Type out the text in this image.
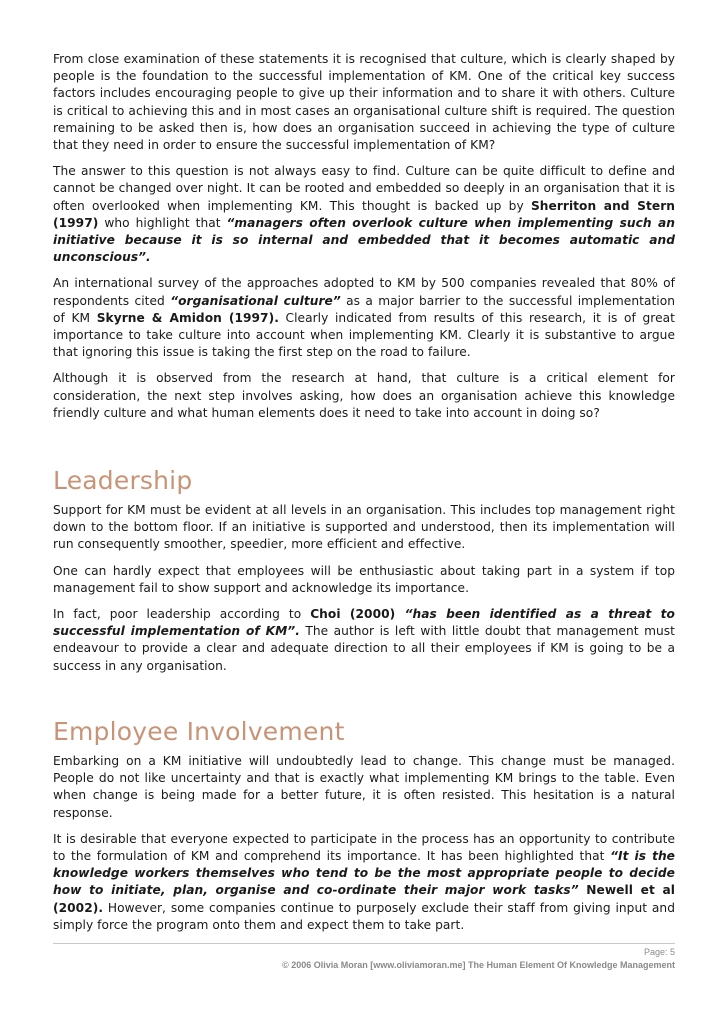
From close examination of these statements it is recognised that culture, which is clearly shaped by people is the foundation to the successful implementation of KM. One of the critical key success factors includes encouraging people to give up their information and to share it with others. Culture is critical to achieving this and in most cases an organisational culture shift is required. The question remaining to be asked then is, how does an organisation succeed in achieving the type of culture that they need in order to ensure the successful implementation of KM?

The answer to this question is not always easy to find. Culture can be quite difficult to define and cannot be changed over night. It can be rooted and embedded so deeply in an organisation that it is often overlooked when implementing KM. This thought is backed up by Sherriton and Stern (1997) who highlight that “managers often overlook culture when implementing such an initiative because it is so internal and embedded that it becomes automatic and unconscious”.

An international survey of the approaches adopted to KM by 500 companies revealed that 80% of respondents cited “organisational culture” as a major barrier to the successful implementation of KM Skyrne & Amidon (1997). Clearly indicated from results of this research, it is of great importance to take culture into account when implementing KM. Clearly it is substantive to argue that ignoring this issue is taking the first step on the road to failure.

Although it is observed from the research at hand, that culture is a critical element for consideration, the next step involves asking, how does an organisation achieve this knowledge friendly culture and what human elements does it need to take into account in doing so?

Leadership

Support for KM must be evident at all levels in an organisation. This includes top management right down to the bottom floor. If an initiative is supported and understood, then its implementation will run consequently smoother, speedier, more efficient and effective.

One can hardly expect that employees will be enthusiastic about taking part in a system if top management fail to show support and acknowledge its importance.

In fact, poor leadership according to Choi (2000) “has been identified as a threat to successful implementation of KM”. The author is left with little doubt that management must endeavour to provide a clear and adequate direction to all their employees if KM is going to be a success in any organisation.

Employee Involvement

Embarking on a KM initiative will undoubtedly lead to change. This change must be managed. People do not like uncertainty and that is exactly what implementing KM brings to the table. Even when change is being made for a better future, it is often resisted. This hesitation is a natural response.

It is desirable that everyone expected to participate in the process has an opportunity to contribute to the formulation of KM and comprehend its importance. It has been highlighted that “It is the knowledge workers themselves who tend to be the most appropriate people to decide how to initiate, plan, organise and co-ordinate their major work tasks” Newell et al (2002). However, some companies continue to purposely exclude their staff from giving input and simply force the program onto them and expect them to take part.

Page: 5
© 2006 Olivia Moran [www.oliviamoran.me] The Human Element Of Knowledge Management
